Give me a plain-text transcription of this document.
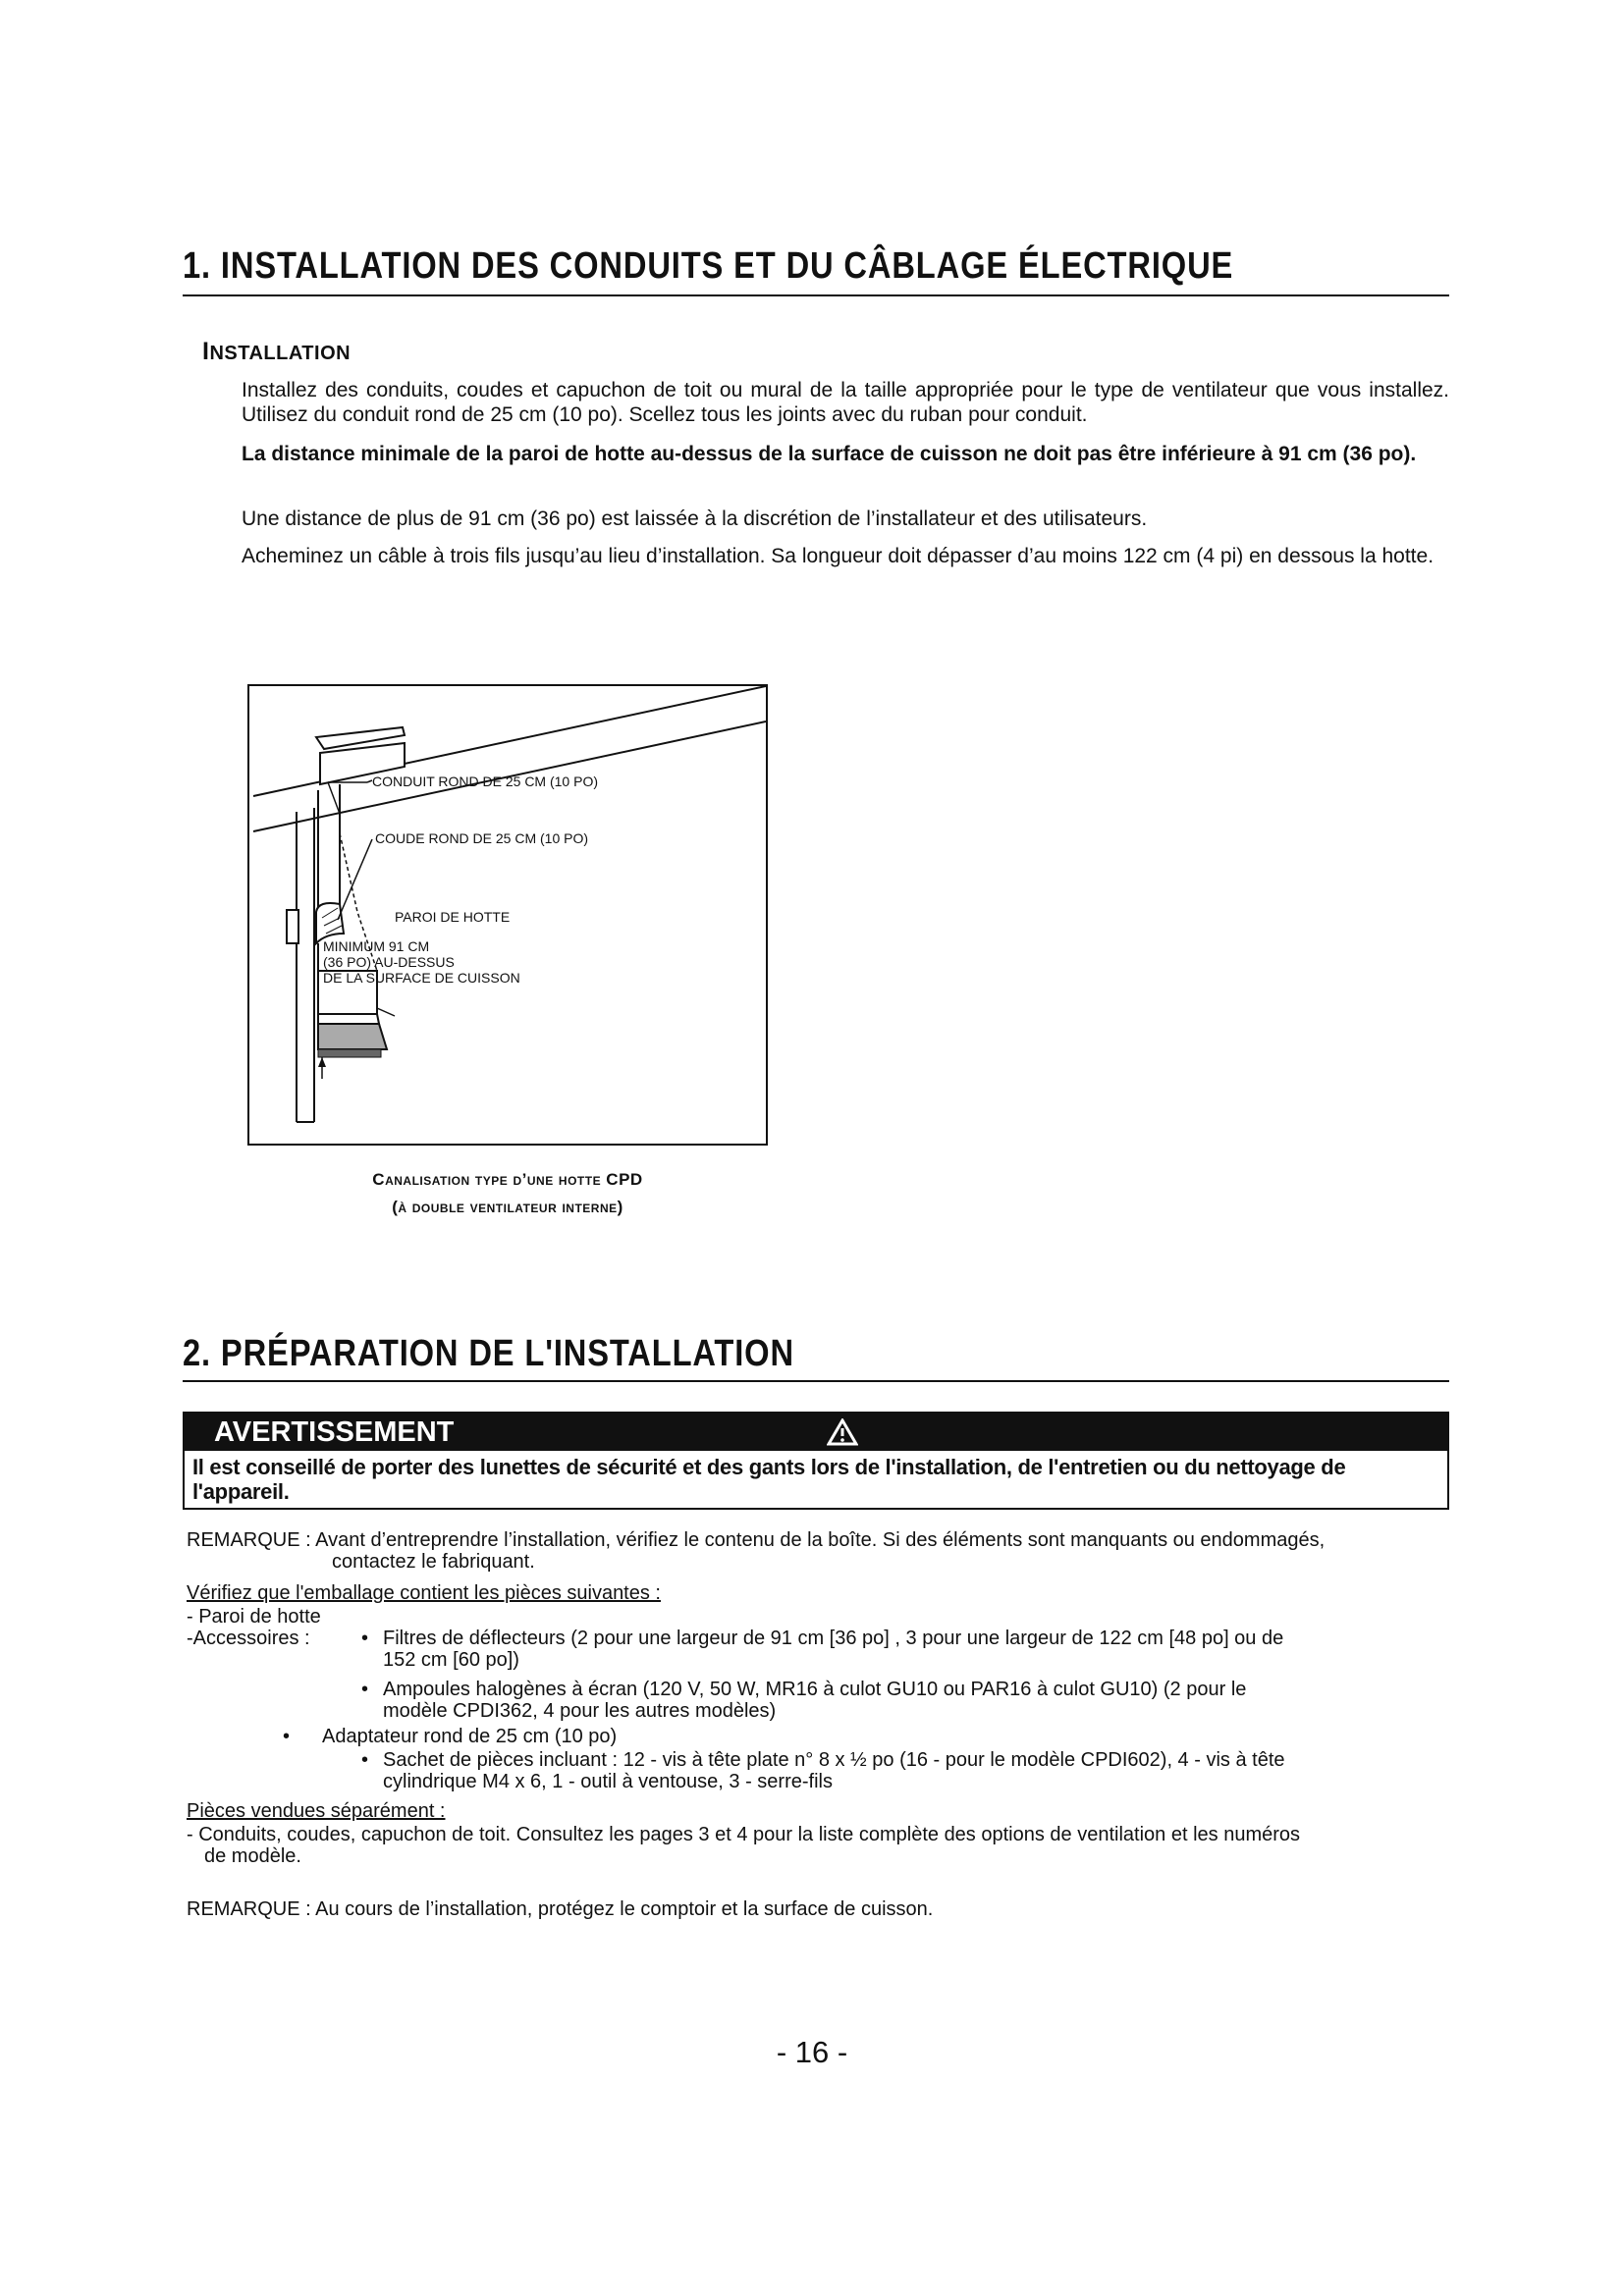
1. INSTALLATION DES CONDUITS ET DU CÂBLAGE ÉLECTRIQUE
INSTALLATION
Installez des conduits, coudes et capuchon de toit ou mural de la taille appropriée pour le type de ventilateur que vous installez. Utilisez du conduit rond de 25 cm (10 po). Scellez tous les joints avec du ruban pour conduit.
La distance minimale de la paroi de hotte au-dessus de la surface de cuisson ne doit pas être inférieure à 91 cm (36 po).
Une distance de plus de 91 cm (36 po) est laissée à la discrétion de l’installateur et des utilisateurs.
Acheminez un câble à trois fils jusqu’au lieu d’installation. Sa longueur doit dépasser d’au moins 122 cm (4 pi) en dessous la hotte.
CONDUIT ROND DE 25 CM (10 PO)
COUDE ROND DE 25 CM (10 PO)
PAROI DE HOTTE
MINIMUM 91 CM
(36 PO) AU-DESSUS
DE LA SURFACE DE CUISSON
Canalisation type d’une hotte CPD
(à double ventilateur interne)
2. PRÉPARATION DE L'INSTALLATION
AVERTISSEMENT
Il est conseillé de porter des lunettes de sécurité et des gants lors de l'installation, de l'entretien ou du nettoyage de l'appareil.
REMARQUE : Avant d’entreprendre l’installation, vérifiez le contenu de la boîte. Si des éléments sont manquants ou endommagés,
contactez le fabriquant.
Vérifiez que l'emballage contient les pièces suivantes :
- Paroi de hotte
-Accessoires :	• Filtres de déflecteurs (2 pour une largeur de 91 cm [36 po] , 3 pour une largeur de 122 cm [48 po] ou de
152 cm [60 po])
• Ampoules halogènes à écran (120 V, 50 W, MR16 à culot GU10 ou PAR16 à culot GU10) (2 pour le
modèle CPDI362, 4 pour les autres modèles)
• Adaptateur rond de 25 cm (10 po)
• Sachet de pièces incluant : 12 - vis à tête plate n° 8 x ½ po (16 - pour le modèle CPDI602), 4 - vis à tête
cylindrique M4 x 6, 1 - outil à ventouse, 3 - serre-fils
Pièces vendues séparément :
- Conduits, coudes, capuchon de toit. Consultez les pages 3 et 4 pour la liste complète des options de ventilation et les numéros
de modèle.
REMARQUE : Au cours de l’installation, protégez le comptoir et la surface de cuisson.
- 16 -
